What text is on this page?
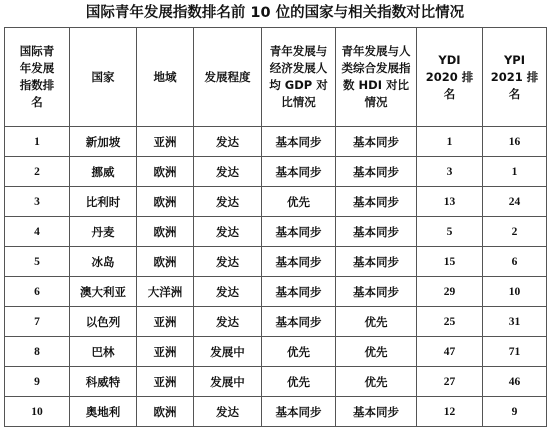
国际青年发展指数排名前 10 位的国家与相关指数对比情况
国际青年发展指数排名	国家	地域	发展程度	青年发展与经济发展人均 GDP 对比情况	青年发展与人类综合发展指数 HDI 对比情况	YDI 2020 排名	YPI 2021 排名

1	新加坡	亚洲	发达	基本同步	基本同步	1	16
2	挪威	欧洲	发达	基本同步	基本同步	3	1
3	比利时	欧洲	发达	优先	基本同步	13	24
4	丹麦	欧洲	发达	基本同步	基本同步	5	2
5	冰岛	欧洲	发达	基本同步	基本同步	15	6
6	澳大利亚	大洋洲	发达	基本同步	基本同步	29	10
7	以色列	亚洲	发达	基本同步	优先	25	31
8	巴林	亚洲	发展中	优先	优先	47	71
9	科威特	亚洲	发展中	优先	优先	27	46
10	奥地利	欧洲	发达	基本同步	基本同步	12	9
